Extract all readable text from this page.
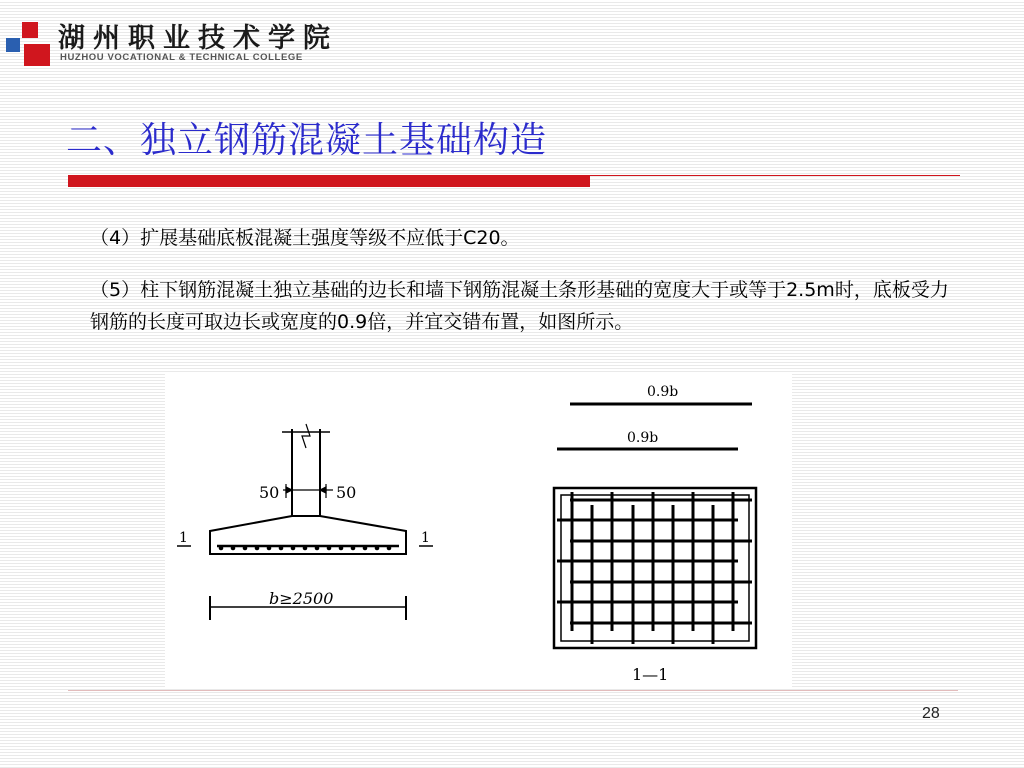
湖州职业技术学院
HUZHOU VOCATIONAL & TECHNICAL COLLEGE
二、独立钢筋混凝土基础构造

（4）扩展基础底板混凝土强度等级不应低于C20。

（5）柱下钢筋混凝土独立基础的边长和墙下钢筋混凝土条形基础的宽度大于或等于2.5m时，底板受力钢筋的长度可取边长或宽度的0.9倍，并宜交错布置，如图所示。

50	50
1	1
b≥2500
0.9b
0.9b
1—1
28
